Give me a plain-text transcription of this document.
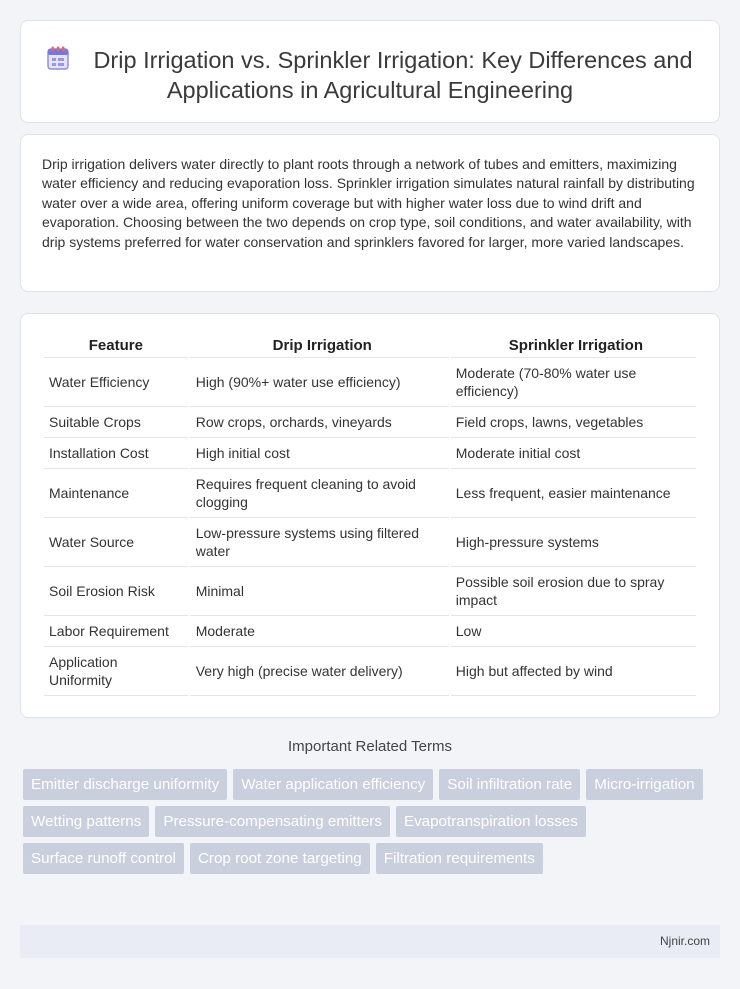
Drip Irrigation vs. Sprinkler Irrigation: Key Differences and
Applications in Agricultural Engineering

Drip irrigation delivers water directly to plant roots through a network of tubes and emitters, maximizing water efficiency and reducing evaporation loss. Sprinkler irrigation simulates natural rainfall by distributing water over a wide area, offering uniform coverage but with higher water loss due to wind drift and evaporation. Choosing between the two depends on crop type, soil conditions, and water availability, with drip systems preferred for water conservation and sprinklers favored for larger, more varied landscapes.

Feature	Drip Irrigation	Sprinkler Irrigation
Water Efficiency	High (90%+ water use efficiency)	Moderate (70-80% water use efficiency)
Suitable Crops	Row crops, orchards, vineyards	Field crops, lawns, vegetables
Installation Cost	High initial cost	Moderate initial cost
Maintenance	Requires frequent cleaning to avoid clogging	Less frequent, easier maintenance
Water Source	Low-pressure systems using filtered water	High-pressure systems
Soil Erosion Risk	Minimal	Possible soil erosion due to spray impact
Labor Requirement	Moderate	Low
Application Uniformity	Very high (precise water delivery)	High but affected by wind
Important Related Terms
Emitter discharge uniformity	Water application efficiency	Soil infiltration rate	Micro-irrigation
Wetting patterns	Pressure-compensating emitters	Evapotranspiration losses
Surface runoff control	Crop root zone targeting	Filtration requirements
Njnir.com
